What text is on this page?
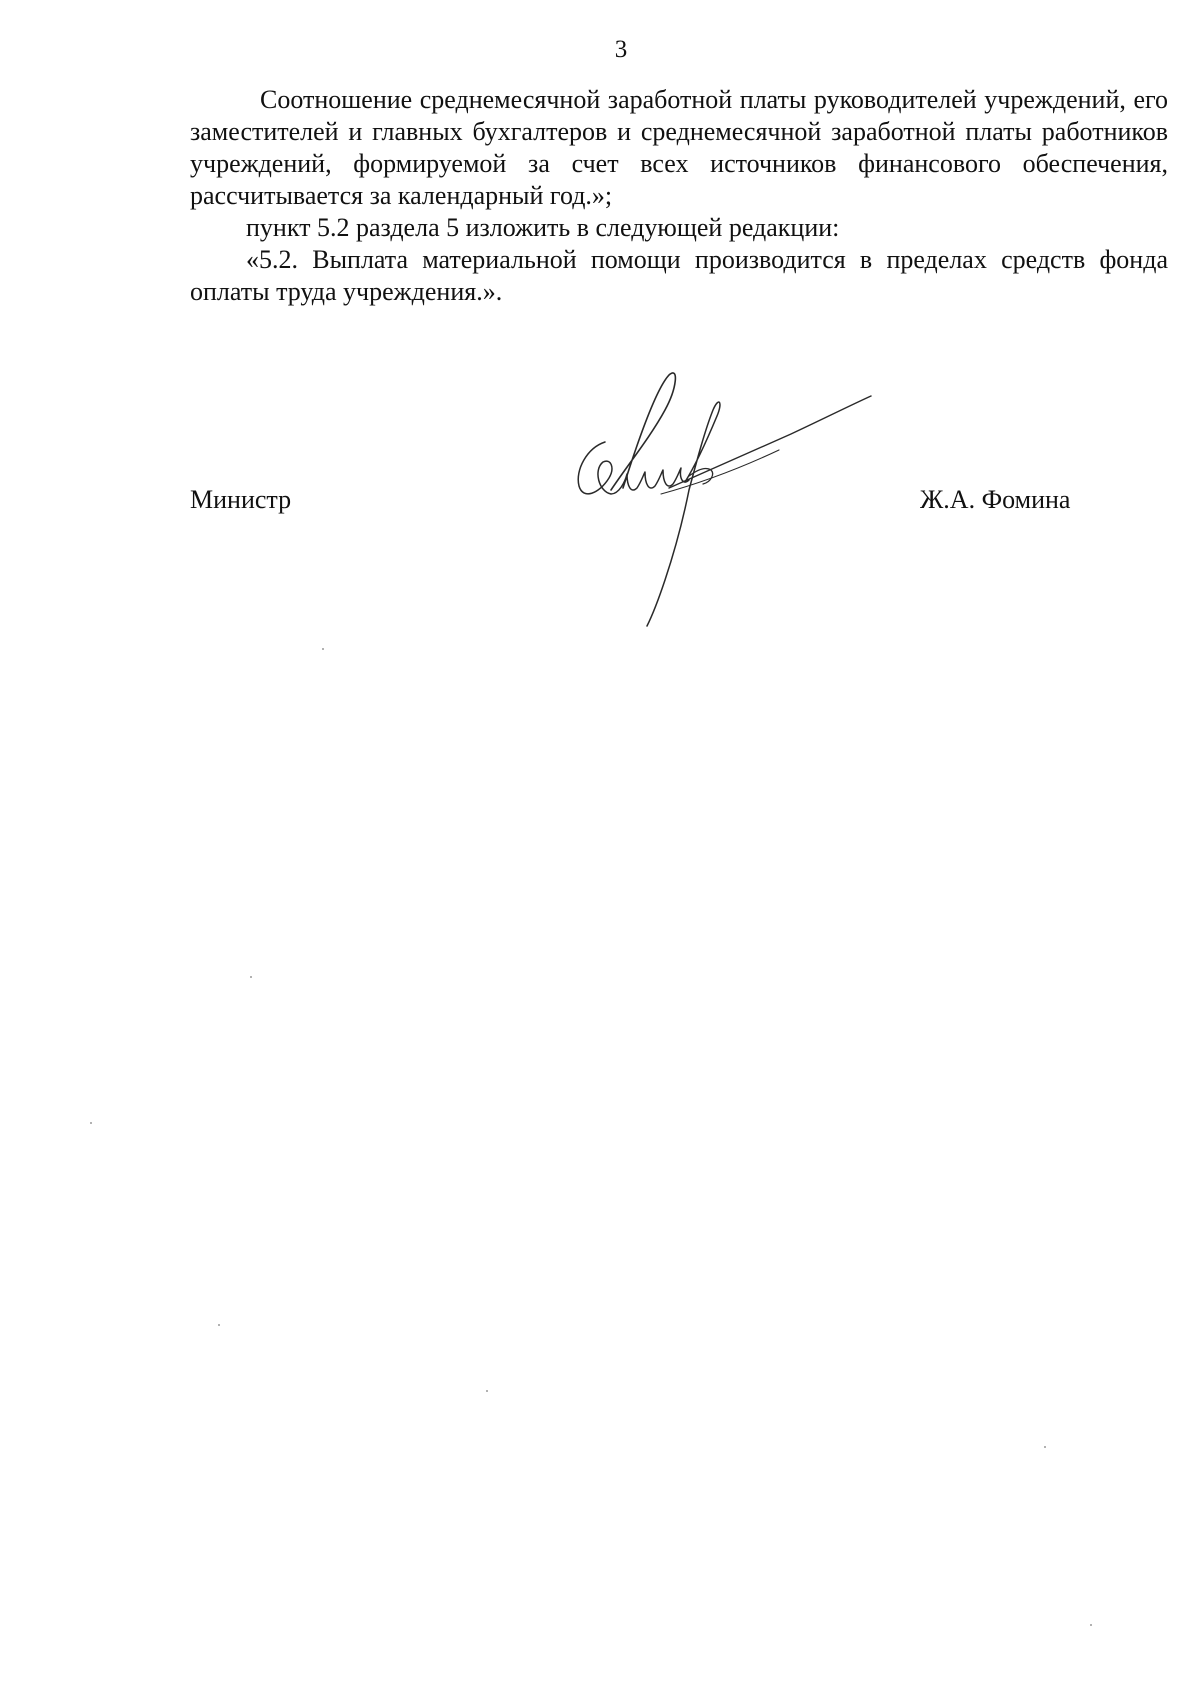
3

Соотношение среднемесячной заработной платы руководителей учреждений, его заместителей и главных бухгалтеров и среднемесячной заработной платы работников учреждений, формируемой за счет всех источников финансового обеспечения, рассчитывается за календарный год.»;

пункт 5.2 раздела 5 изложить в следующей редакции:

«5.2. Выплата материальной помощи производится в пределах средств фонда оплаты труда учреждения.».

Министр	Ж.А. Фомина
